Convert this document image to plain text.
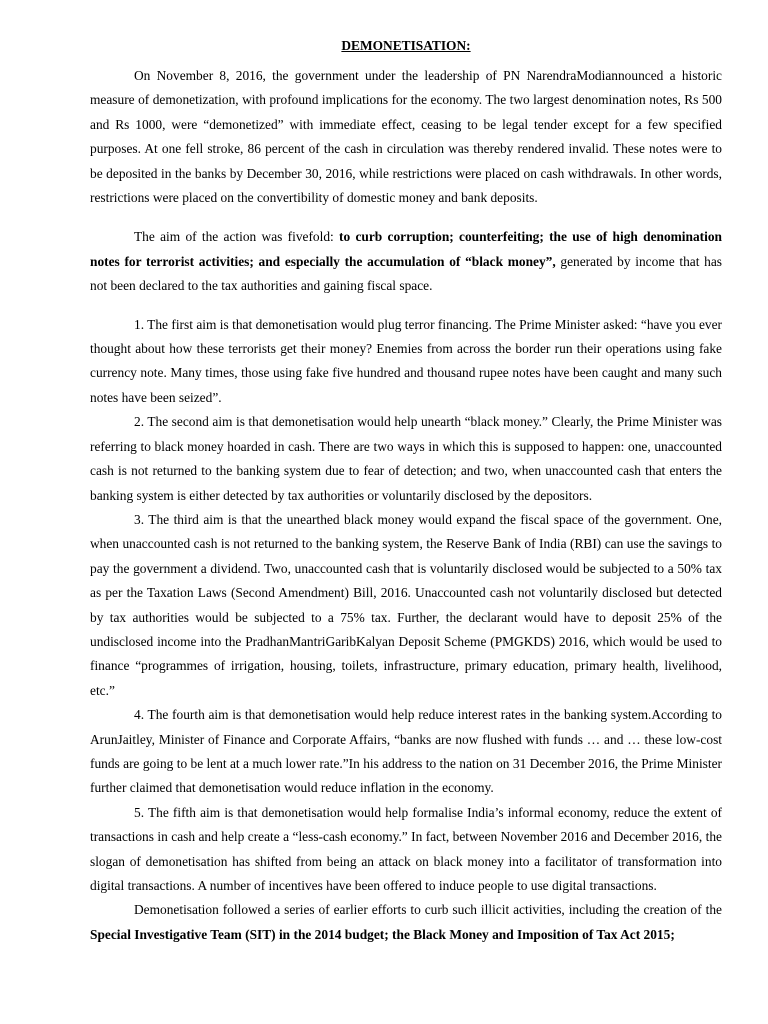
DEMONETISATION:

On November 8, 2016, the government under the leadership of PN NarendraModiannounced a historic measure of demonetization, with profound implications for the economy. The two largest denomination notes, Rs 500 and Rs 1000, were “demonetized” with immediate effect, ceasing to be legal tender except for a few specified purposes. At one fell stroke, 86 percent of the cash in circulation was thereby rendered invalid. These notes were to be deposited in the banks by December 30, 2016, while restrictions were placed on cash withdrawals. In other words, restrictions were placed on the convertibility of domestic money and bank deposits.

The aim of the action was fivefold: to curb corruption; counterfeiting; the use of high denomination notes for terrorist activities; and especially the accumulation of “black money”, generated by income that has not been declared to the tax authorities and gaining fiscal space.

1. The first aim is that demonetisation would plug terror financing. The Prime Minister asked: “have you ever thought about how these terrorists get their money? Enemies from across the border run their operations using fake currency note. Many times, those using fake five hundred and thousand rupee notes have been caught and many such notes have been seized”.

2. The second aim is that demonetisation would help unearth “black money.” Clearly, the Prime Minister was referring to black money hoarded in cash. There are two ways in which this is supposed to happen: one, unaccounted cash is not returned to the banking system due to fear of detection; and two, when unaccounted cash that enters the banking system is either detected by tax authorities or voluntarily disclosed by the depositors.

3. The third aim is that the unearthed black money would expand the fiscal space of the government. One, when unaccounted cash is not returned to the banking system, the Reserve Bank of India (RBI) can use the savings to pay the government a dividend. Two, unaccounted cash that is voluntarily disclosed would be subjected to a 50% tax as per the Taxation Laws (Second Amendment) Bill, 2016. Unaccounted cash not voluntarily disclosed but detected by tax authorities would be subjected to a 75% tax. Further, the declarant would have to deposit 25% of the undisclosed income into the PradhanMantriGaribKalyan Deposit Scheme (PMGKDS) 2016, which would be used to finance “programmes of irrigation, housing, toilets, infrastructure, primary education, primary health, livelihood, etc.”

4. The fourth aim is that demonetisation would help reduce interest rates in the banking system.According to ArunJaitley, Minister of Finance and Corporate Affairs, “banks are now flushed with funds … and … these low-cost funds are going to be lent at a much lower rate.”In his address to the nation on 31 December 2016, the Prime Minister further claimed that demonetisation would reduce inflation in the economy.

5. The fifth aim is that demonetisation would help formalise India’s informal economy, reduce the extent of transactions in cash and help create a “less-cash economy.” In fact, between November 2016 and December 2016, the slogan of demonetisation has shifted from being an attack on black money into a facilitator of transformation into digital transactions. A number of incentives have been offered to induce people to use digital transactions.

Demonetisation followed a series of earlier efforts to curb such illicit activities, including the creation of the Special Investigative Team (SIT) in the 2014 budget; the Black Money and Imposition of Tax Act 2015;
